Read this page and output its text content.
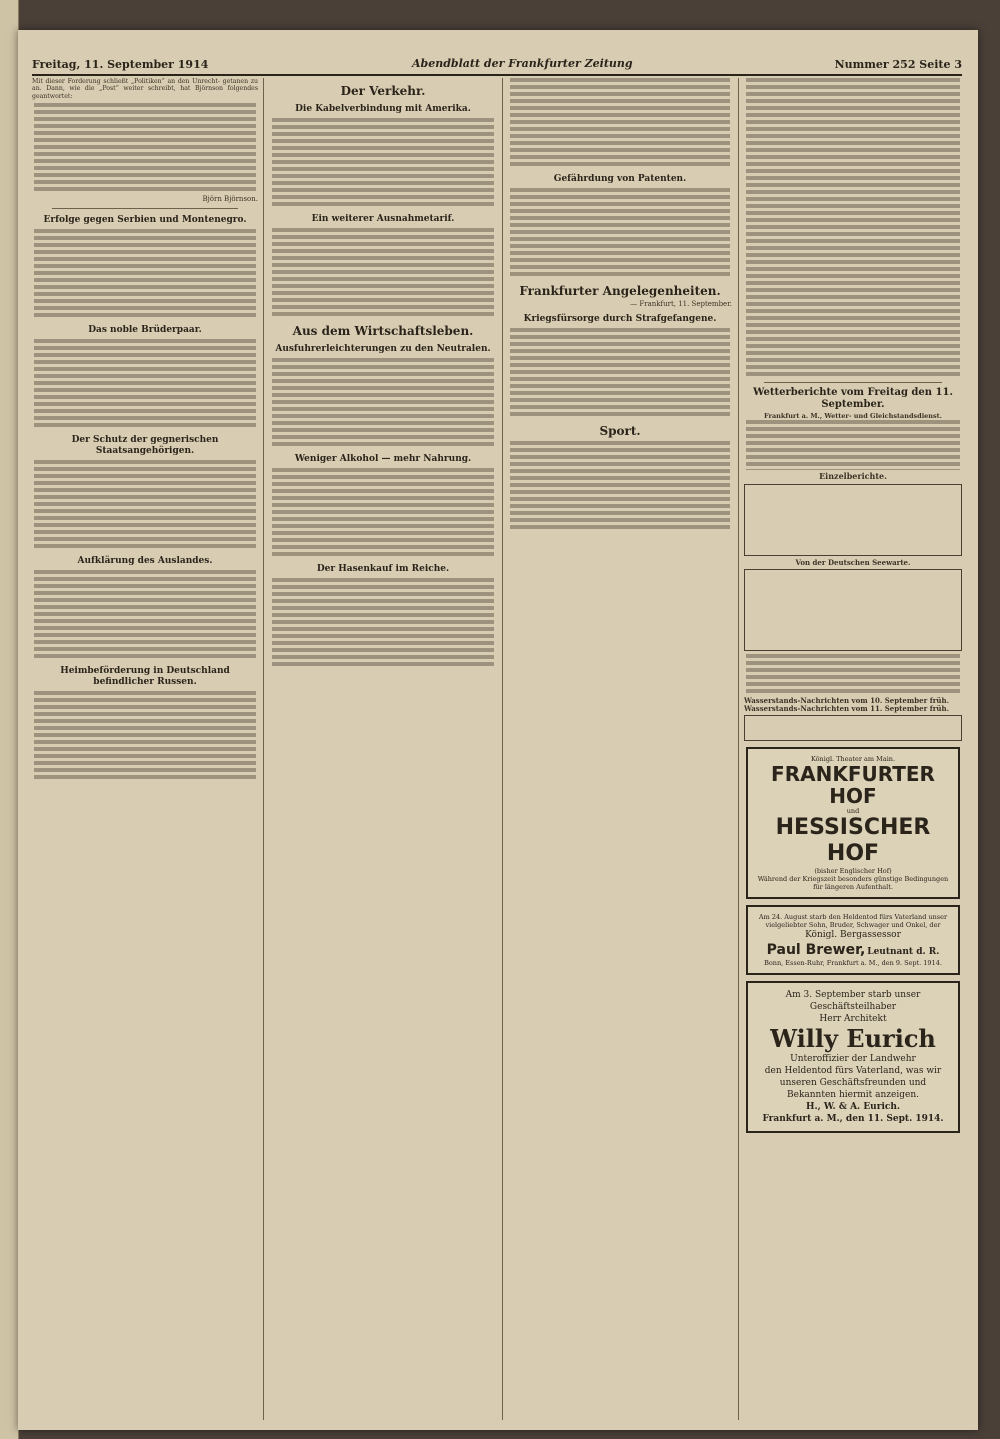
Freitag, 11. September 1914	Abendblatt der Frankfurter Zeitung	Nummer 252 Seite 3
Mit dieser Forderung schließt „Politiken“ an den Unrecht- getanen zu an. Dann, wie die „Post“ weiter schreibt, hat Björnson folgendes geantwortet:
Björn Björnson.
Erfolge gegen Serbien und Montenegro.
Das noble Brüderpaar.
Der Schutz der gegnerischen Staatsangehörigen.
Aufklärung des Auslandes.
Heimbeförderung in Deutschland befindlicher Russen.
Der Verkehr.
Die Kabelverbindung mit Amerika.
Ein weiterer Ausnahmetarif.
Aus dem Wirtschaftsleben.
Ausfuhrerleichterungen zu den Neutralen.
Weniger Alkohol — mehr Nahrung.
Der Hasenkauf im Reiche.
Gefährdung von Patenten.
Frankfurter Angelegenheiten.
— Frankfurt, 11. September.
Kriegsfürsorge durch Strafgefangene.
Sport.
Wetterberichte vom Freitag den 11. September.
Frankfurt a. M., Wetter- und Gleichstandsdienst.
Einzelberichte.
Von der Deutschen Seewarte.
Wasserstands-Nachrichten vom 10. September früh.
Wasserstands-Nachrichten vom 11. September früh.
Königl. Theater am Main.
FRANKFURTER HOF
und
HESSISCHER HOF
(bisher Englischer Hof)
Während der Kriegszeit besonders günstige Bedingungen für längeren Aufenthalt.
Am 24. August starb den Heldentod fürs Vaterland unser vielgeliebter Sohn, Bruder, Schwager und Onkel, der
Königl. Bergassessor
Paul Brewer, Leutnant d. R.
Bonn, Essen-Ruhr, Frankfurt a. M., den 9. Sept. 1914.
Am 3. September starb unser Geschäftsteilhaber
Herr Architekt
Willy Eurich
Unteroffizier der Landwehr
den Heldentod fürs Vaterland, was wir unseren Geschäftsfreunden und Bekannten hiermit anzeigen.
H., W. & A. Eurich.
Frankfurt a. M., den 11. Sept. 1914.
